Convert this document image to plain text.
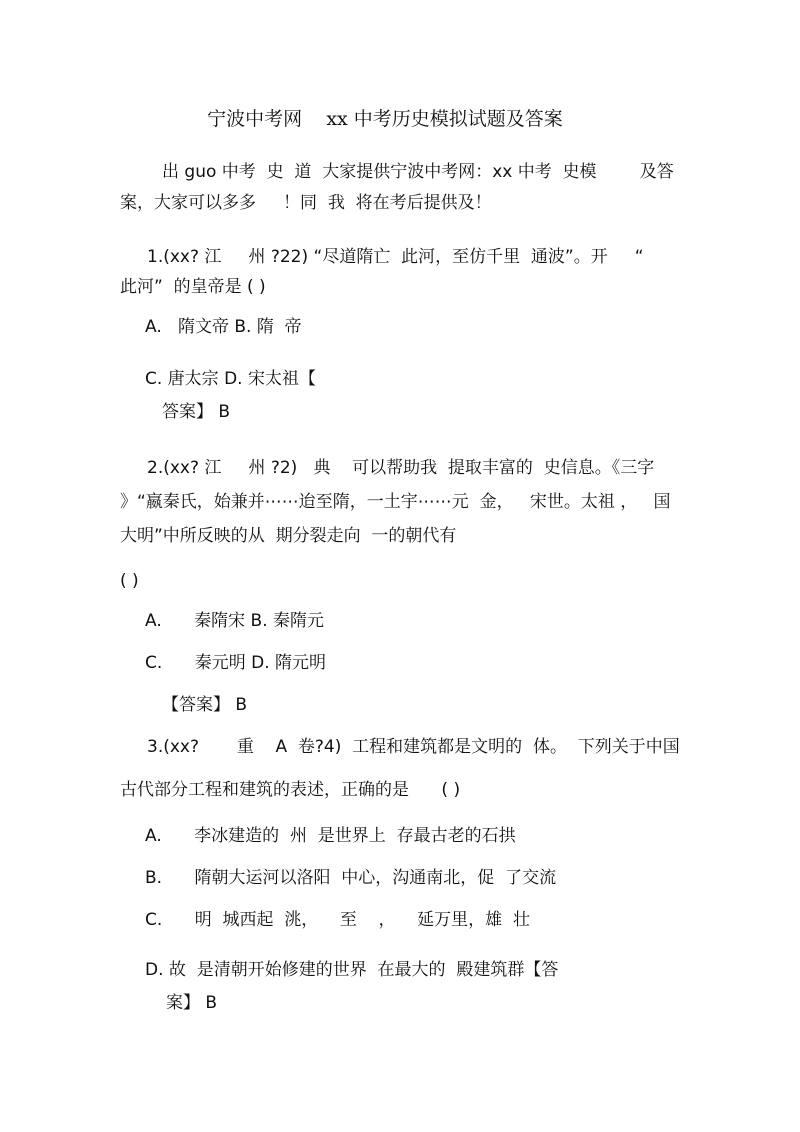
宁波中考网    xx 中考历史模拟试题及答案
出 guo 中考  史  道  大家提供宁波中考网：xx 中考  史模        及答
案，大家可以多多     ！同  我  将在考后提供及！
1.(xx? 江     州 ?22) “尽道隋亡  此河，至仿千里  通波”。开     “
此河”  的皇帝是 ( )
A.   隋文帝 B. 隋  帝
C. 唐太宗 D. 宋太祖【
答案】 B
2.(xx? 江     州 ?2)   典    可以帮助我  提取丰富的  史信息。《三字
》“嬴秦氏，始兼并⋯⋯迨至隋，一土宇⋯⋯元  金，   宋世。太祖 ，   国
大明”中所反映的从  期分裂走向  一的朝代有
( )
A.      秦隋宋 B. 秦隋元
C.      秦元明 D. 隋元明
【答案】 B
3.(xx?       重    A  卷?4)  工程和建筑都是文明的  体。  下列关于中国
古代部分工程和建筑的表述，正确的是      ( )
A.      李冰建造的  州  是世界上  存最古老的石拱
B.      隋朝大运河以洛阳  中心，沟通南北，促  了交流
C.      明  城西起  洮，    至    ，    延万里，雄  壮
D. 故  是清朝开始修建的世界  在最大的  殿建筑群【答
案】 B
